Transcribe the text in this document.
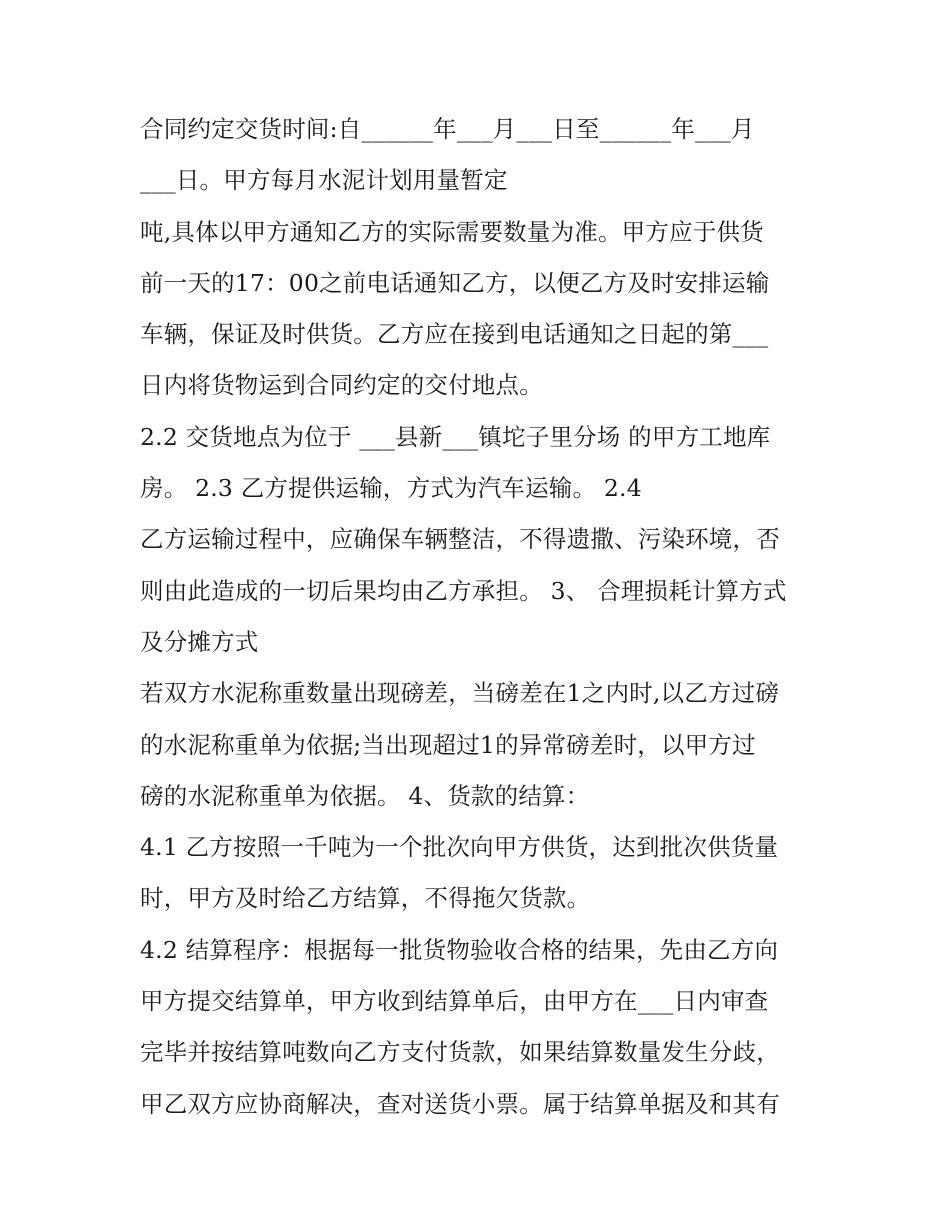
合同约定交货时间:自______年___月___日至______年___月
___日。甲方每月水泥计划用量暂定
吨,具体以甲方通知乙方的实际需要数量为准。甲方应于供货
前一天的17：00之前电话通知乙方，以便乙方及时安排运输
车辆，保证及时供货。乙方应在接到电话通知之日起的第___
日内将货物运到合同约定的交付地点。
2.2 交货地点为位于 ___县新___镇坨子里分场 的甲方工地库
房。 2.3 乙方提供运输，方式为汽车运输。 2.4
乙方运输过程中，应确保车辆整洁，不得遗撒、污染环境，否
则由此造成的一切后果均由乙方承担。 3、 合理损耗计算方式
及分摊方式
若双方水泥称重数量出现磅差，当磅差在1之内时,以乙方过磅
的水泥称重单为依据;当出现超过1的异常磅差时，以甲方过
磅的水泥称重单为依据。 4、货款的结算：
4.1 乙方按照一千吨为一个批次向甲方供货，达到批次供货量
时，甲方及时给乙方结算，不得拖欠货款。
4.2 结算程序：根据每一批货物验收合格的结果，先由乙方向
甲方提交结算单，甲方收到结算单后，由甲方在___日内审查
完毕并按结算吨数向乙方支付货款，如果结算数量发生分歧，
甲乙双方应协商解决，查对送货小票。属于结算单据及和其有
